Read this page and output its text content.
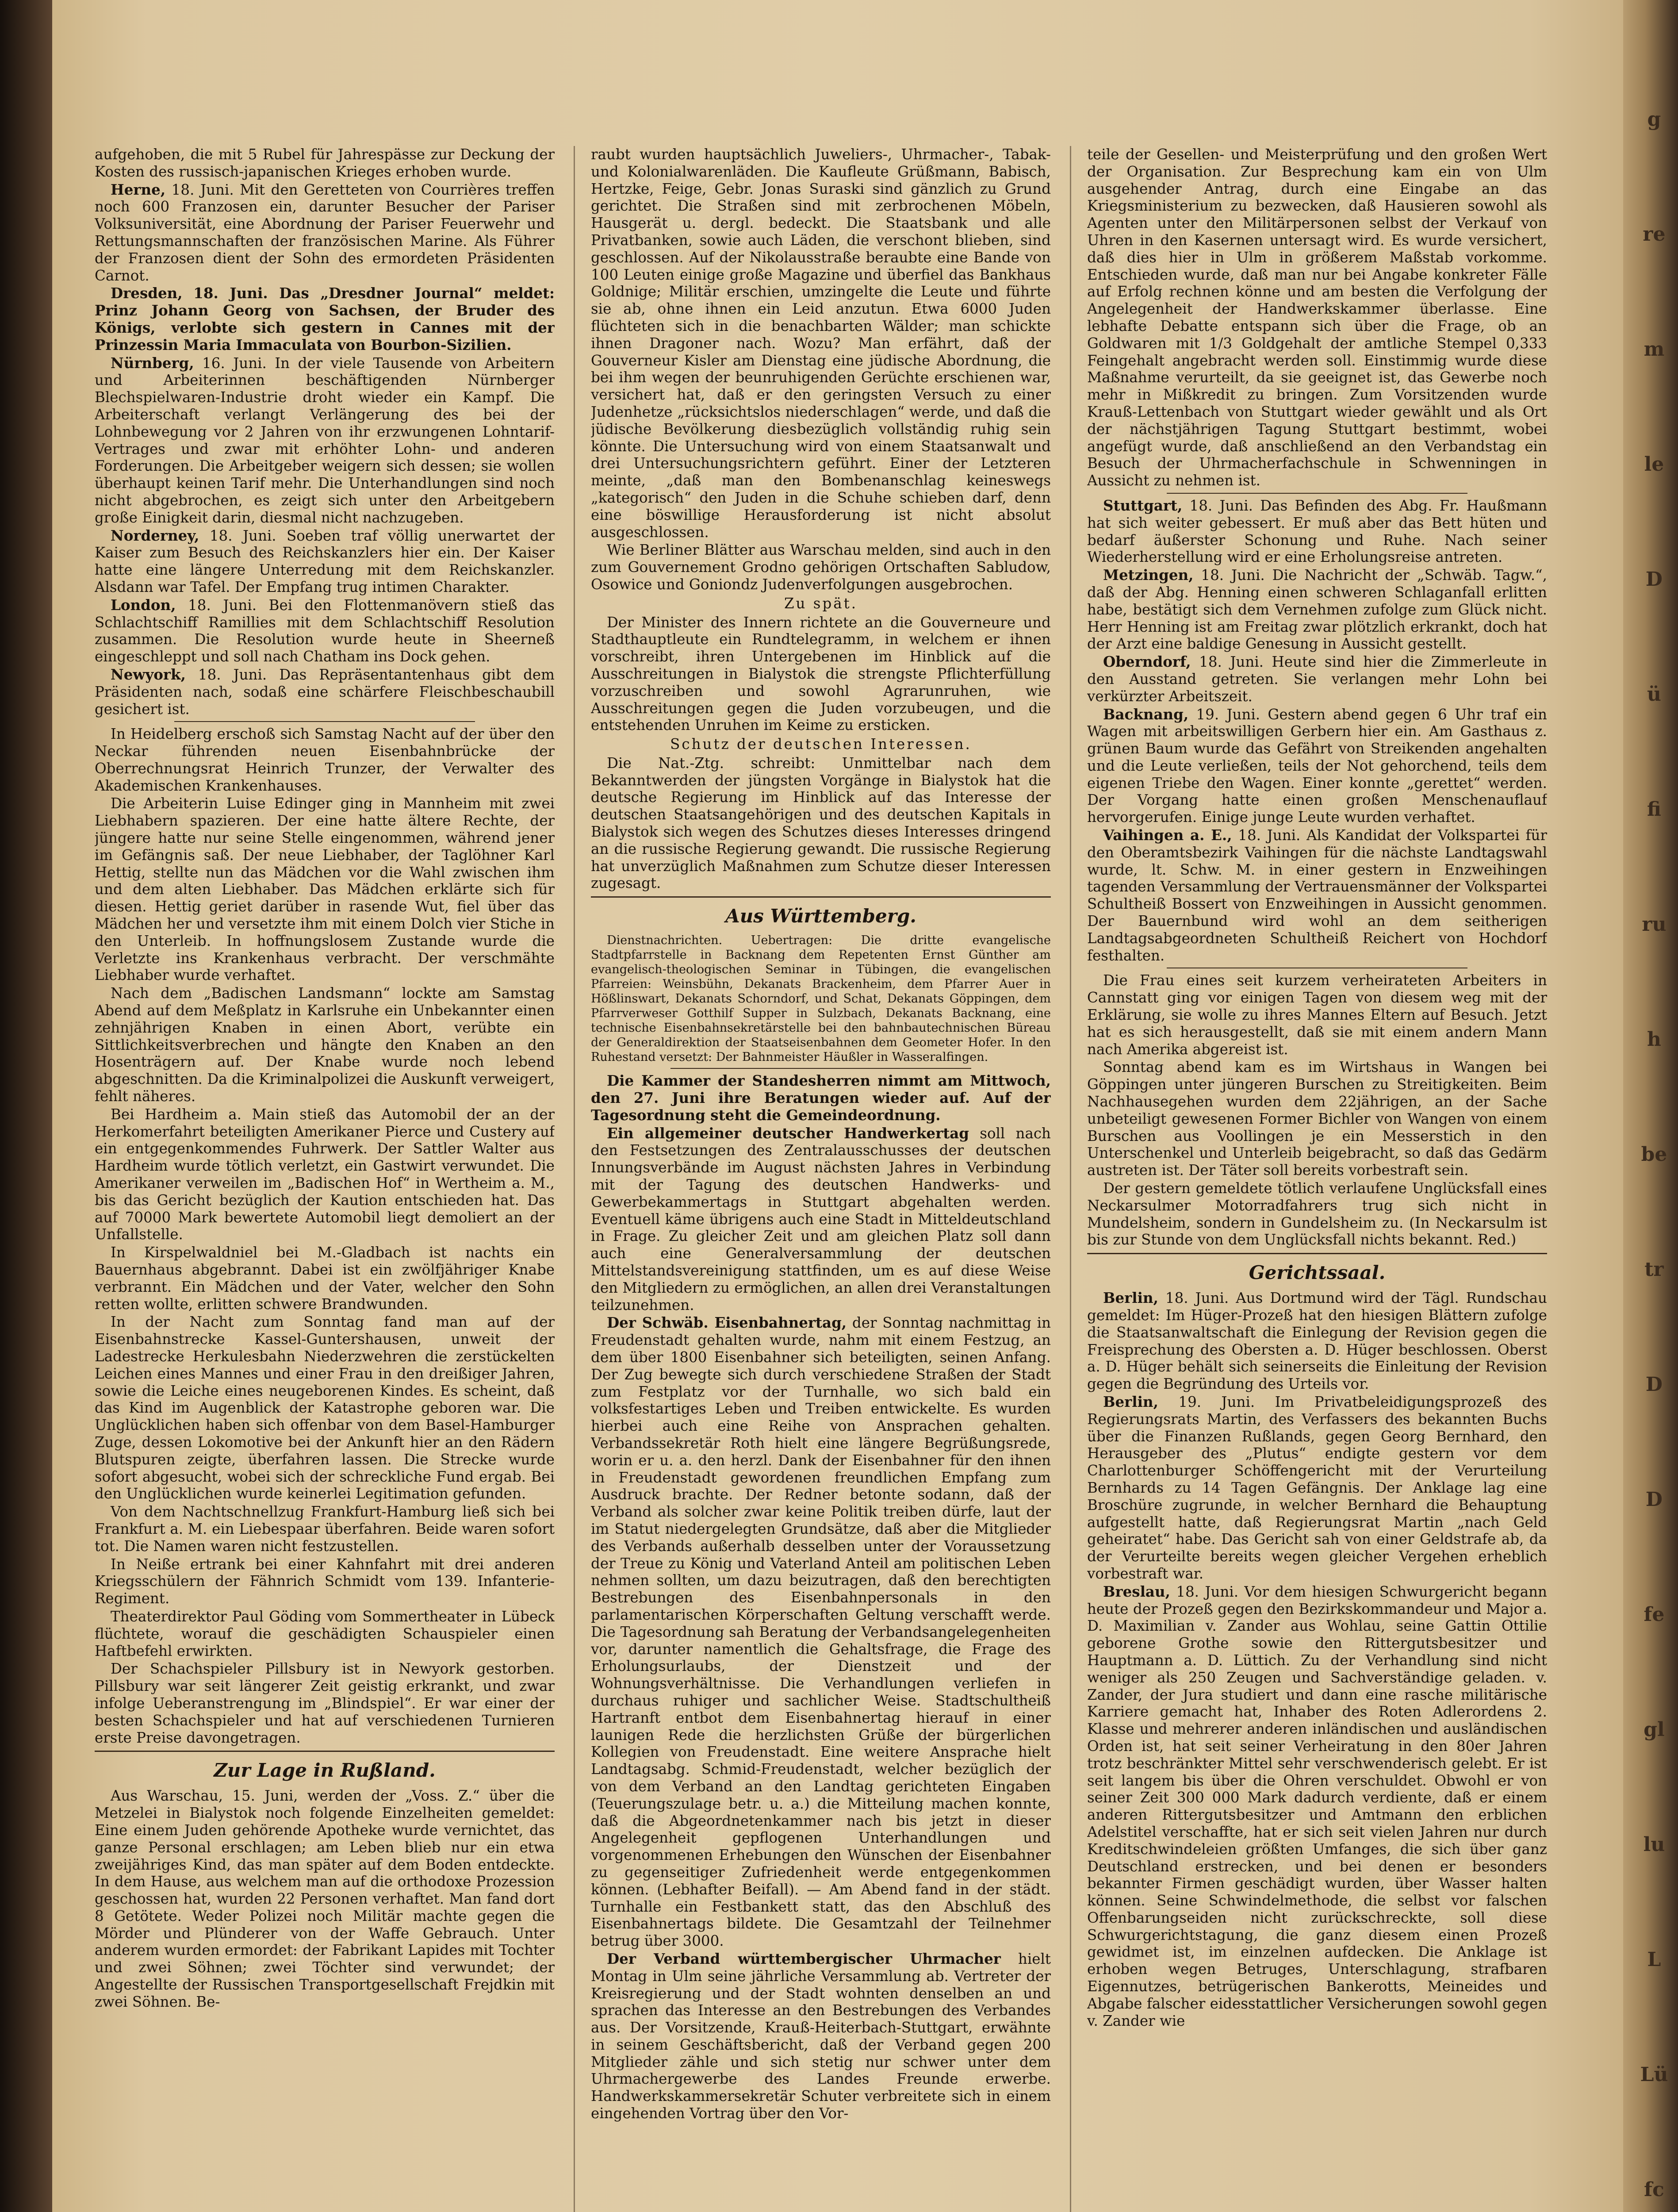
g
re
m
le
D
ü
fi
ru
h
be
tr
D
D
fe
gl
lu
L
Lü
fc

aufgehoben, die mit 5 Rubel für Jahrespässe zur Deckung der Kosten des russisch-japanischen Krieges erhoben wurde.

Herne, 18. Juni. Mit den Geretteten von Courrières treffen noch 600 Franzosen ein, darunter Besucher der Pariser Volksuniversität, eine Abordnung der Pariser Feuerwehr und Rettungsmannschaften der französischen Marine. Als Führer der Franzosen dient der Sohn des ermordeten Präsidenten Carnot.

Dresden, 18. Juni. Das „Dresdner Journal“ meldet: Prinz Johann Georg von Sachsen, der Bruder des Königs, verlobte sich gestern in Cannes mit der Prinzessin Maria Immaculata von Bourbon-Sizilien.

Nürnberg, 16. Juni. In der viele Tausende von Arbeitern und Arbeiterinnen beschäftigenden Nürnberger Blechspielwaren-Industrie droht wieder ein Kampf. Die Arbeiterschaft verlangt Verlängerung des bei der Lohnbewegung vor 2 Jahren von ihr erzwungenen Lohntarif-Vertrages und zwar mit erhöhter Lohn- und anderen Forderungen. Die Arbeitgeber weigern sich dessen; sie wollen überhaupt keinen Tarif mehr. Die Unterhandlungen sind noch nicht abgebrochen, es zeigt sich unter den Arbeitgebern große Einigkeit darin, diesmal nicht nachzugeben.

Norderney, 18. Juni. Soeben traf völlig unerwartet der Kaiser zum Besuch des Reichskanzlers hier ein. Der Kaiser hatte eine längere Unterredung mit dem Reichskanzler. Alsdann war Tafel. Der Empfang trug intimen Charakter.

London, 18. Juni. Bei den Flottenmanövern stieß das Schlachtschiff Ramillies mit dem Schlachtschiff Resolution zusammen. Die Resolution wurde heute in Sheerneß eingeschleppt und soll nach Chatham ins Dock gehen.

Newyork, 18. Juni. Das Repräsentantenhaus gibt dem Präsidenten nach, sodaß eine schärfere Fleischbeschaubill gesichert ist.

In Heidelberg erschoß sich Samstag Nacht auf der über den Neckar führenden neuen Eisenbahnbrücke der Oberrechnungsrat Heinrich Trunzer, der Verwalter des Akademischen Krankenhauses.

Die Arbeiterin Luise Edinger ging in Mannheim mit zwei Liebhabern spazieren. Der eine hatte ältere Rechte, der jüngere hatte nur seine Stelle eingenommen, während jener im Gefängnis saß. Der neue Liebhaber, der Taglöhner Karl Hettig, stellte nun das Mädchen vor die Wahl zwischen ihm und dem alten Liebhaber. Das Mädchen erklärte sich für diesen. Hettig geriet darüber in rasende Wut, fiel über das Mädchen her und versetzte ihm mit einem Dolch vier Stiche in den Unterleib. In hoffnungslosem Zustande wurde die Verletzte ins Krankenhaus verbracht. Der verschmähte Liebhaber wurde verhaftet.

Nach dem „Badischen Landsmann“ lockte am Samstag Abend auf dem Meßplatz in Karlsruhe ein Unbekannter einen zehnjährigen Knaben in einen Abort, verübte ein Sittlichkeitsverbrechen und hängte den Knaben an den Hosenträgern auf. Der Knabe wurde noch lebend abgeschnitten. Da die Kriminalpolizei die Auskunft verweigert, fehlt näheres.

Bei Hardheim a. Main stieß das Automobil der an der Herkomerfahrt beteiligten Amerikaner Pierce und Custery auf ein entgegenkommendes Fuhrwerk. Der Sattler Walter aus Hardheim wurde tötlich verletzt, ein Gastwirt verwundet. Die Amerikaner verweilen im „Badischen Hof“ in Wertheim a. M., bis das Gericht bezüglich der Kaution entschieden hat. Das auf 70000 Mark bewertete Automobil liegt demoliert an der Unfallstelle.

In Kirspelwaldniel bei M.-Gladbach ist nachts ein Bauernhaus abgebrannt. Dabei ist ein zwölfjähriger Knabe verbrannt. Ein Mädchen und der Vater, welcher den Sohn retten wollte, erlitten schwere Brandwunden.

In der Nacht zum Sonntag fand man auf der Eisenbahnstrecke Kassel-Guntershausen, unweit der Ladestrecke Herkulesbahn Niederzwehren die zerstückelten Leichen eines Mannes und einer Frau in den dreißiger Jahren, sowie die Leiche eines neugeborenen Kindes. Es scheint, daß das Kind im Augenblick der Katastrophe geboren war. Die Unglücklichen haben sich offenbar von dem Basel-Hamburger Zuge, dessen Lokomotive bei der Ankunft hier an den Rädern Blutspuren zeigte, überfahren lassen. Die Strecke wurde sofort abgesucht, wobei sich der schreckliche Fund ergab. Bei den Unglücklichen wurde keinerlei Legitimation gefunden.

Von dem Nachtschnellzug Frankfurt-Hamburg ließ sich bei Frankfurt a. M. ein Liebespaar überfahren. Beide waren sofort tot. Die Namen waren nicht festzustellen.

In Neiße ertrank bei einer Kahnfahrt mit drei anderen Kriegsschülern der Fähnrich Schmidt vom 139. Infanterie-Regiment.

Theaterdirektor Paul Göding vom Sommertheater in Lübeck flüchtete, worauf die geschädigten Schauspieler einen Haftbefehl erwirkten.

Der Schachspieler Pillsbury ist in Newyork gestorben. Pillsbury war seit längerer Zeit geistig erkrankt, und zwar infolge Ueberanstrengung im „Blindspiel“. Er war einer der besten Schachspieler und hat auf verschiedenen Turnieren erste Preise davongetragen.

Zur Lage in Rußland.

Aus Warschau, 15. Juni, werden der „Voss. Z.“ über die Metzelei in Bialystok noch folgende Einzelheiten gemeldet: Eine einem Juden gehörende Apotheke wurde vernichtet, das ganze Personal erschlagen; am Leben blieb nur ein etwa zweijähriges Kind, das man später auf dem Boden entdeckte. In dem Hause, aus welchem man auf die orthodoxe Prozession geschossen hat, wurden 22 Personen verhaftet. Man fand dort 8 Getötete. Weder Polizei noch Militär machte gegen die Mörder und Plünderer von der Waffe Gebrauch. Unter anderem wurden ermordet: der Fabrikant Lapides mit Tochter und zwei Söhnen; zwei Töchter sind verwundet; der Angestellte der Russischen Transportgesellschaft Frejdkin mit zwei Söhnen. Be-

raubt wurden hauptsächlich Juweliers-, Uhrmacher-, Tabak- und Kolonialwarenläden. Die Kaufleute Grüßmann, Babisch, Hertzke, Feige, Gebr. Jonas Suraski sind gänzlich zu Grund gerichtet. Die Straßen sind mit zerbrochenen Möbeln, Hausgerät u. dergl. bedeckt. Die Staatsbank und alle Privatbanken, sowie auch Läden, die verschont blieben, sind geschlossen. Auf der Nikolausstraße beraubte eine Bande von 100 Leuten einige große Magazine und überfiel das Bankhaus Goldnige; Militär erschien, umzingelte die Leute und führte sie ab, ohne ihnen ein Leid anzutun. Etwa 6000 Juden flüchteten sich in die benachbarten Wälder; man schickte ihnen Dragoner nach. Wozu? Man erfährt, daß der Gouverneur Kisler am Dienstag eine jüdische Abordnung, die bei ihm wegen der beunruhigenden Gerüchte erschienen war, versichert hat, daß er den geringsten Versuch zu einer Judenhetze „rücksichtslos niederschlagen“ werde, und daß die jüdische Bevölkerung diesbezüglich vollständig ruhig sein könnte. Die Untersuchung wird von einem Staatsanwalt und drei Untersuchungsrichtern geführt. Einer der Letzteren meinte, „daß man den Bombenanschlag keineswegs „kategorisch“ den Juden in die Schuhe schieben darf, denn eine böswillige Herausforderung ist nicht absolut ausgeschlossen.

Wie Berliner Blätter aus Warschau melden, sind auch in den zum Gouvernement Grodno gehörigen Ortschaften Sabludow, Osowice und Goniondz Judenverfolgungen ausgebrochen.

Zu spät.

Der Minister des Innern richtete an die Gouverneure und Stadthauptleute ein Rundtelegramm, in welchem er ihnen vorschreibt, ihren Untergebenen im Hinblick auf die Ausschreitungen in Bialystok die strengste Pflichterfüllung vorzuschreiben und sowohl Agrarunruhen, wie Ausschreitungen gegen die Juden vorzubeugen, und die entstehenden Unruhen im Keime zu ersticken.

Schutz der deutschen Interessen.

Die Nat.-Ztg. schreibt: Unmittelbar nach dem Bekanntwerden der jüngsten Vorgänge in Bialystok hat die deutsche Regierung im Hinblick auf das Interesse der deutschen Staatsangehörigen und des deutschen Kapitals in Bialystok sich wegen des Schutzes dieses Interesses dringend an die russische Regierung gewandt. Die russische Regierung hat unverzüglich Maßnahmen zum Schutze dieser Interessen zugesagt.

Aus Württemberg.

Dienstnachrichten. Uebertragen: Die dritte evangelische Stadtpfarrstelle in Backnang dem Repetenten Ernst Günther am evangelisch-theologischen Seminar in Tübingen, die evangelischen Pfarreien: Weinsbühn, Dekanats Brackenheim, dem Pfarrer Auer in Hößlinswart, Dekanats Schorndorf, und Schat, Dekanats Göppingen, dem Pfarrverweser Gotthilf Supper in Sulzbach, Dekanats Backnang, eine technische Eisenbahnsekretärstelle bei den bahnbautechnischen Büreau der Generaldirektion der Staatseisenbahnen dem Geometer Hofer. In den Ruhestand versetzt: Der Bahnmeister Häußler in Wasseralfingen.

Die Kammer der Standesherren nimmt am Mittwoch, den 27. Juni ihre Beratungen wieder auf. Auf der Tagesordnung steht die Gemeindeordnung.

Ein allgemeiner deutscher Handwerkertag soll nach den Festsetzungen des Zentralausschusses der deutschen Innungsverbände im August nächsten Jahres in Verbindung mit der Tagung des deutschen Handwerks- und Gewerbekammertags in Stuttgart abgehalten werden. Eventuell käme übrigens auch eine Stadt in Mitteldeutschland in Frage. Zu gleicher Zeit und am gleichen Platz soll dann auch eine Generalversammlung der deutschen Mittelstandsvereinigung stattfinden, um es auf diese Weise den Mitgliedern zu ermöglichen, an allen drei Veranstaltungen teilzunehmen.

Der Schwäb. Eisenbahnertag, der Sonntag nachmittag in Freudenstadt gehalten wurde, nahm mit einem Festzug, an dem über 1800 Eisenbahner sich beteiligten, seinen Anfang. Der Zug bewegte sich durch verschiedene Straßen der Stadt zum Festplatz vor der Turnhalle, wo sich bald ein volksfestartiges Leben und Treiben entwickelte. Es wurden hierbei auch eine Reihe von Ansprachen gehalten. Verbandssekretär Roth hielt eine längere Begrüßungsrede, worin er u. a. den herzl. Dank der Eisenbahner für den ihnen in Freudenstadt gewordenen freundlichen Empfang zum Ausdruck brachte. Der Redner betonte sodann, daß der Verband als solcher zwar keine Politik treiben dürfe, laut der im Statut niedergelegten Grundsätze, daß aber die Mitglieder des Verbands außerhalb desselben unter der Voraussetzung der Treue zu König und Vaterland Anteil am politischen Leben nehmen sollten, um dazu beizutragen, daß den berechtigten Bestrebungen des Eisenbahnpersonals in den parlamentarischen Körperschaften Geltung verschafft werde. Die Tagesordnung sah Beratung der Verbandsangelegenheiten vor, darunter namentlich die Gehaltsfrage, die Frage des Erholungsurlaubs, der Dienstzeit und der Wohnungsverhältnisse. Die Verhandlungen verliefen in durchaus ruhiger und sachlicher Weise. Stadtschultheiß Hartranft entbot dem Eisenbahnertag hierauf in einer launigen Rede die herzlichsten Grüße der bürgerlichen Kollegien von Freudenstadt. Eine weitere Ansprache hielt Landtagsabg. Schmid-Freudenstadt, welcher bezüglich der von dem Verband an den Landtag gerichteten Eingaben (Teuerungszulage betr. u. a.) die Mitteilung machen konnte, daß die Abgeordnetenkammer nach bis jetzt in dieser Angelegenheit gepflogenen Unterhandlungen und vorgenommenen Erhebungen den Wünschen der Eisenbahner zu gegenseitiger Zufriedenheit werde entgegenkommen können. (Lebhafter Beifall). — Am Abend fand in der städt. Turnhalle ein Festbankett statt, das den Abschluß des Eisenbahnertags bildete. Die Gesamtzahl der Teilnehmer betrug über 3000.

Der Verband württembergischer Uhrmacher hielt Montag in Ulm seine jährliche Versammlung ab. Vertreter der Kreisregierung und der Stadt wohnten denselben an und sprachen das Interesse an den Bestrebungen des Verbandes aus. Der Vorsitzende, Krauß-Heiterbach-Stuttgart, erwähnte in seinem Geschäftsbericht, daß der Verband gegen 200 Mitglieder zähle und sich stetig nur schwer unter dem Uhrmachergewerbe des Landes Freunde erwerbe. Handwerkskammersekretär Schuter verbreitete sich in einem eingehenden Vortrag über den Vor-

teile der Gesellen- und Meisterprüfung und den großen Wert der Organisation. Zur Besprechung kam ein von Ulm ausgehender Antrag, durch eine Eingabe an das Kriegsministerium zu bezwecken, daß Hausieren sowohl als Agenten unter den Militärpersonen selbst der Verkauf von Uhren in den Kasernen untersagt wird. Es wurde versichert, daß dies hier in Ulm in größerem Maßstab vorkomme. Entschieden wurde, daß man nur bei Angabe konkreter Fälle auf Erfolg rechnen könne und am besten die Verfolgung der Angelegenheit der Handwerkskammer überlasse. Eine lebhafte Debatte entspann sich über die Frage, ob an Goldwaren mit 1/3 Goldgehalt der amtliche Stempel 0,333 Feingehalt angebracht werden soll. Einstimmig wurde diese Maßnahme verurteilt, da sie geeignet ist, das Gewerbe noch mehr in Mißkredit zu bringen. Zum Vorsitzenden wurde Krauß-Lettenbach von Stuttgart wieder gewählt und als Ort der nächstjährigen Tagung Stuttgart bestimmt, wobei angefügt wurde, daß anschließend an den Verbandstag ein Besuch der Uhrmacherfachschule in Schwenningen in Aussicht zu nehmen ist.

Stuttgart, 18. Juni. Das Befinden des Abg. Fr. Haußmann hat sich weiter gebessert. Er muß aber das Bett hüten und bedarf äußerster Schonung und Ruhe. Nach seiner Wiederherstellung wird er eine Erholungsreise antreten.

Metzingen, 18. Juni. Die Nachricht der „Schwäb. Tagw.“, daß der Abg. Henning einen schweren Schlaganfall erlitten habe, bestätigt sich dem Vernehmen zufolge zum Glück nicht. Herr Henning ist am Freitag zwar plötzlich erkrankt, doch hat der Arzt eine baldige Genesung in Aussicht gestellt.

Oberndorf, 18. Juni. Heute sind hier die Zimmerleute in den Ausstand getreten. Sie verlangen mehr Lohn bei verkürzter Arbeitszeit.

Backnang, 19. Juni. Gestern abend gegen 6 Uhr traf ein Wagen mit arbeitswilligen Gerbern hier ein. Am Gasthaus z. grünen Baum wurde das Gefährt von Streikenden angehalten und die Leute verließen, teils der Not gehorchend, teils dem eigenen Triebe den Wagen. Einer konnte „gerettet“ werden. Der Vorgang hatte einen großen Menschenauflauf hervorgerufen. Einige junge Leute wurden verhaftet.

Vaihingen a. E., 18. Juni. Als Kandidat der Volkspartei für den Oberamtsbezirk Vaihingen für die nächste Landtagswahl wurde, lt. Schw. M. in einer gestern in Enzweihingen tagenden Versammlung der Vertrauensmänner der Volkspartei Schultheiß Bossert von Enzweihingen in Aussicht genommen. Der Bauernbund wird wohl an dem seitherigen Landtagsabgeordneten Schultheiß Reichert von Hochdorf festhalten.

Die Frau eines seit kurzem verheirateten Arbeiters in Cannstatt ging vor einigen Tagen von diesem weg mit der Erklärung, sie wolle zu ihres Mannes Eltern auf Besuch. Jetzt hat es sich herausgestellt, daß sie mit einem andern Mann nach Amerika abgereist ist.

Sonntag abend kam es im Wirtshaus in Wangen bei Göppingen unter jüngeren Burschen zu Streitigkeiten. Beim Nachhausegehen wurden dem 22jährigen, an der Sache unbeteiligt gewesenen Former Bichler von Wangen von einem Burschen aus Voollingen je ein Messerstich in den Unterschenkel und Unterleib beigebracht, so daß das Gedärm austreten ist. Der Täter soll bereits vorbestraft sein.

Der gestern gemeldete tötlich verlaufene Unglücksfall eines Neckarsulmer Motorradfahrers trug sich nicht in Mundelsheim, sondern in Gundelsheim zu. (In Neckarsulm ist bis zur Stunde von dem Unglücksfall nichts bekannt. Red.)

Gerichtssaal.

Berlin, 18. Juni. Aus Dortmund wird der Tägl. Rundschau gemeldet: Im Hüger-Prozeß hat den hiesigen Blättern zufolge die Staatsanwaltschaft die Einlegung der Revision gegen die Freisprechung des Obersten a. D. Hüger beschlossen. Oberst a. D. Hüger behält sich seinerseits die Einleitung der Revision gegen die Begründung des Urteils vor.

Berlin, 19. Juni. Im Privatbeleidigungsprozeß des Regierungsrats Martin, des Verfassers des bekannten Buchs über die Finanzen Rußlands, gegen Georg Bernhard, den Herausgeber des „Plutus“ endigte gestern vor dem Charlottenburger Schöffengericht mit der Verurteilung Bernhards zu 14 Tagen Gefängnis. Der Anklage lag eine Broschüre zugrunde, in welcher Bernhard die Behauptung aufgestellt hatte, daß Regierungsrat Martin „nach Geld geheiratet“ habe. Das Gericht sah von einer Geldstrafe ab, da der Verurteilte bereits wegen gleicher Vergehen erheblich vorbestraft war.

Breslau, 18. Juni. Vor dem hiesigen Schwurgericht begann heute der Prozeß gegen den Bezirkskommandeur und Major a. D. Maximilian v. Zander aus Wohlau, seine Gattin Ottilie geborene Grothe sowie den Rittergutsbesitzer und Hauptmann a. D. Lüttich. Zu der Verhandlung sind nicht weniger als 250 Zeugen und Sachverständige geladen. v. Zander, der Jura studiert und dann eine rasche militärische Karriere gemacht hat, Inhaber des Roten Adlerordens 2. Klasse und mehrerer anderen inländischen und ausländischen Orden ist, hat seit seiner Verheiratung in den 80er Jahren trotz beschränkter Mittel sehr verschwenderisch gelebt. Er ist seit langem bis über die Ohren verschuldet. Obwohl er von seiner Zeit 300 000 Mark dadurch verdiente, daß er einem anderen Rittergutsbesitzer und Amtmann den erblichen Adelstitel verschaffte, hat er sich seit vielen Jahren nur durch Kreditschwindeleien größten Umfanges, die sich über ganz Deutschland erstrecken, und bei denen er besonders bekannter Firmen geschädigt wurden, über Wasser halten können. Seine Schwindelmethode, die selbst vor falschen Offenbarungseiden nicht zurückschreckte, soll diese Schwurgerichtstagung, die ganz diesem einen Prozeß gewidmet ist, im einzelnen aufdecken. Die Anklage ist erhoben wegen Betruges, Unterschlagung, strafbaren Eigennutzes, betrügerischen Bankerotts, Meineides und Abgabe falscher eidesstattlicher Versicherungen sowohl gegen v. Zander wie
